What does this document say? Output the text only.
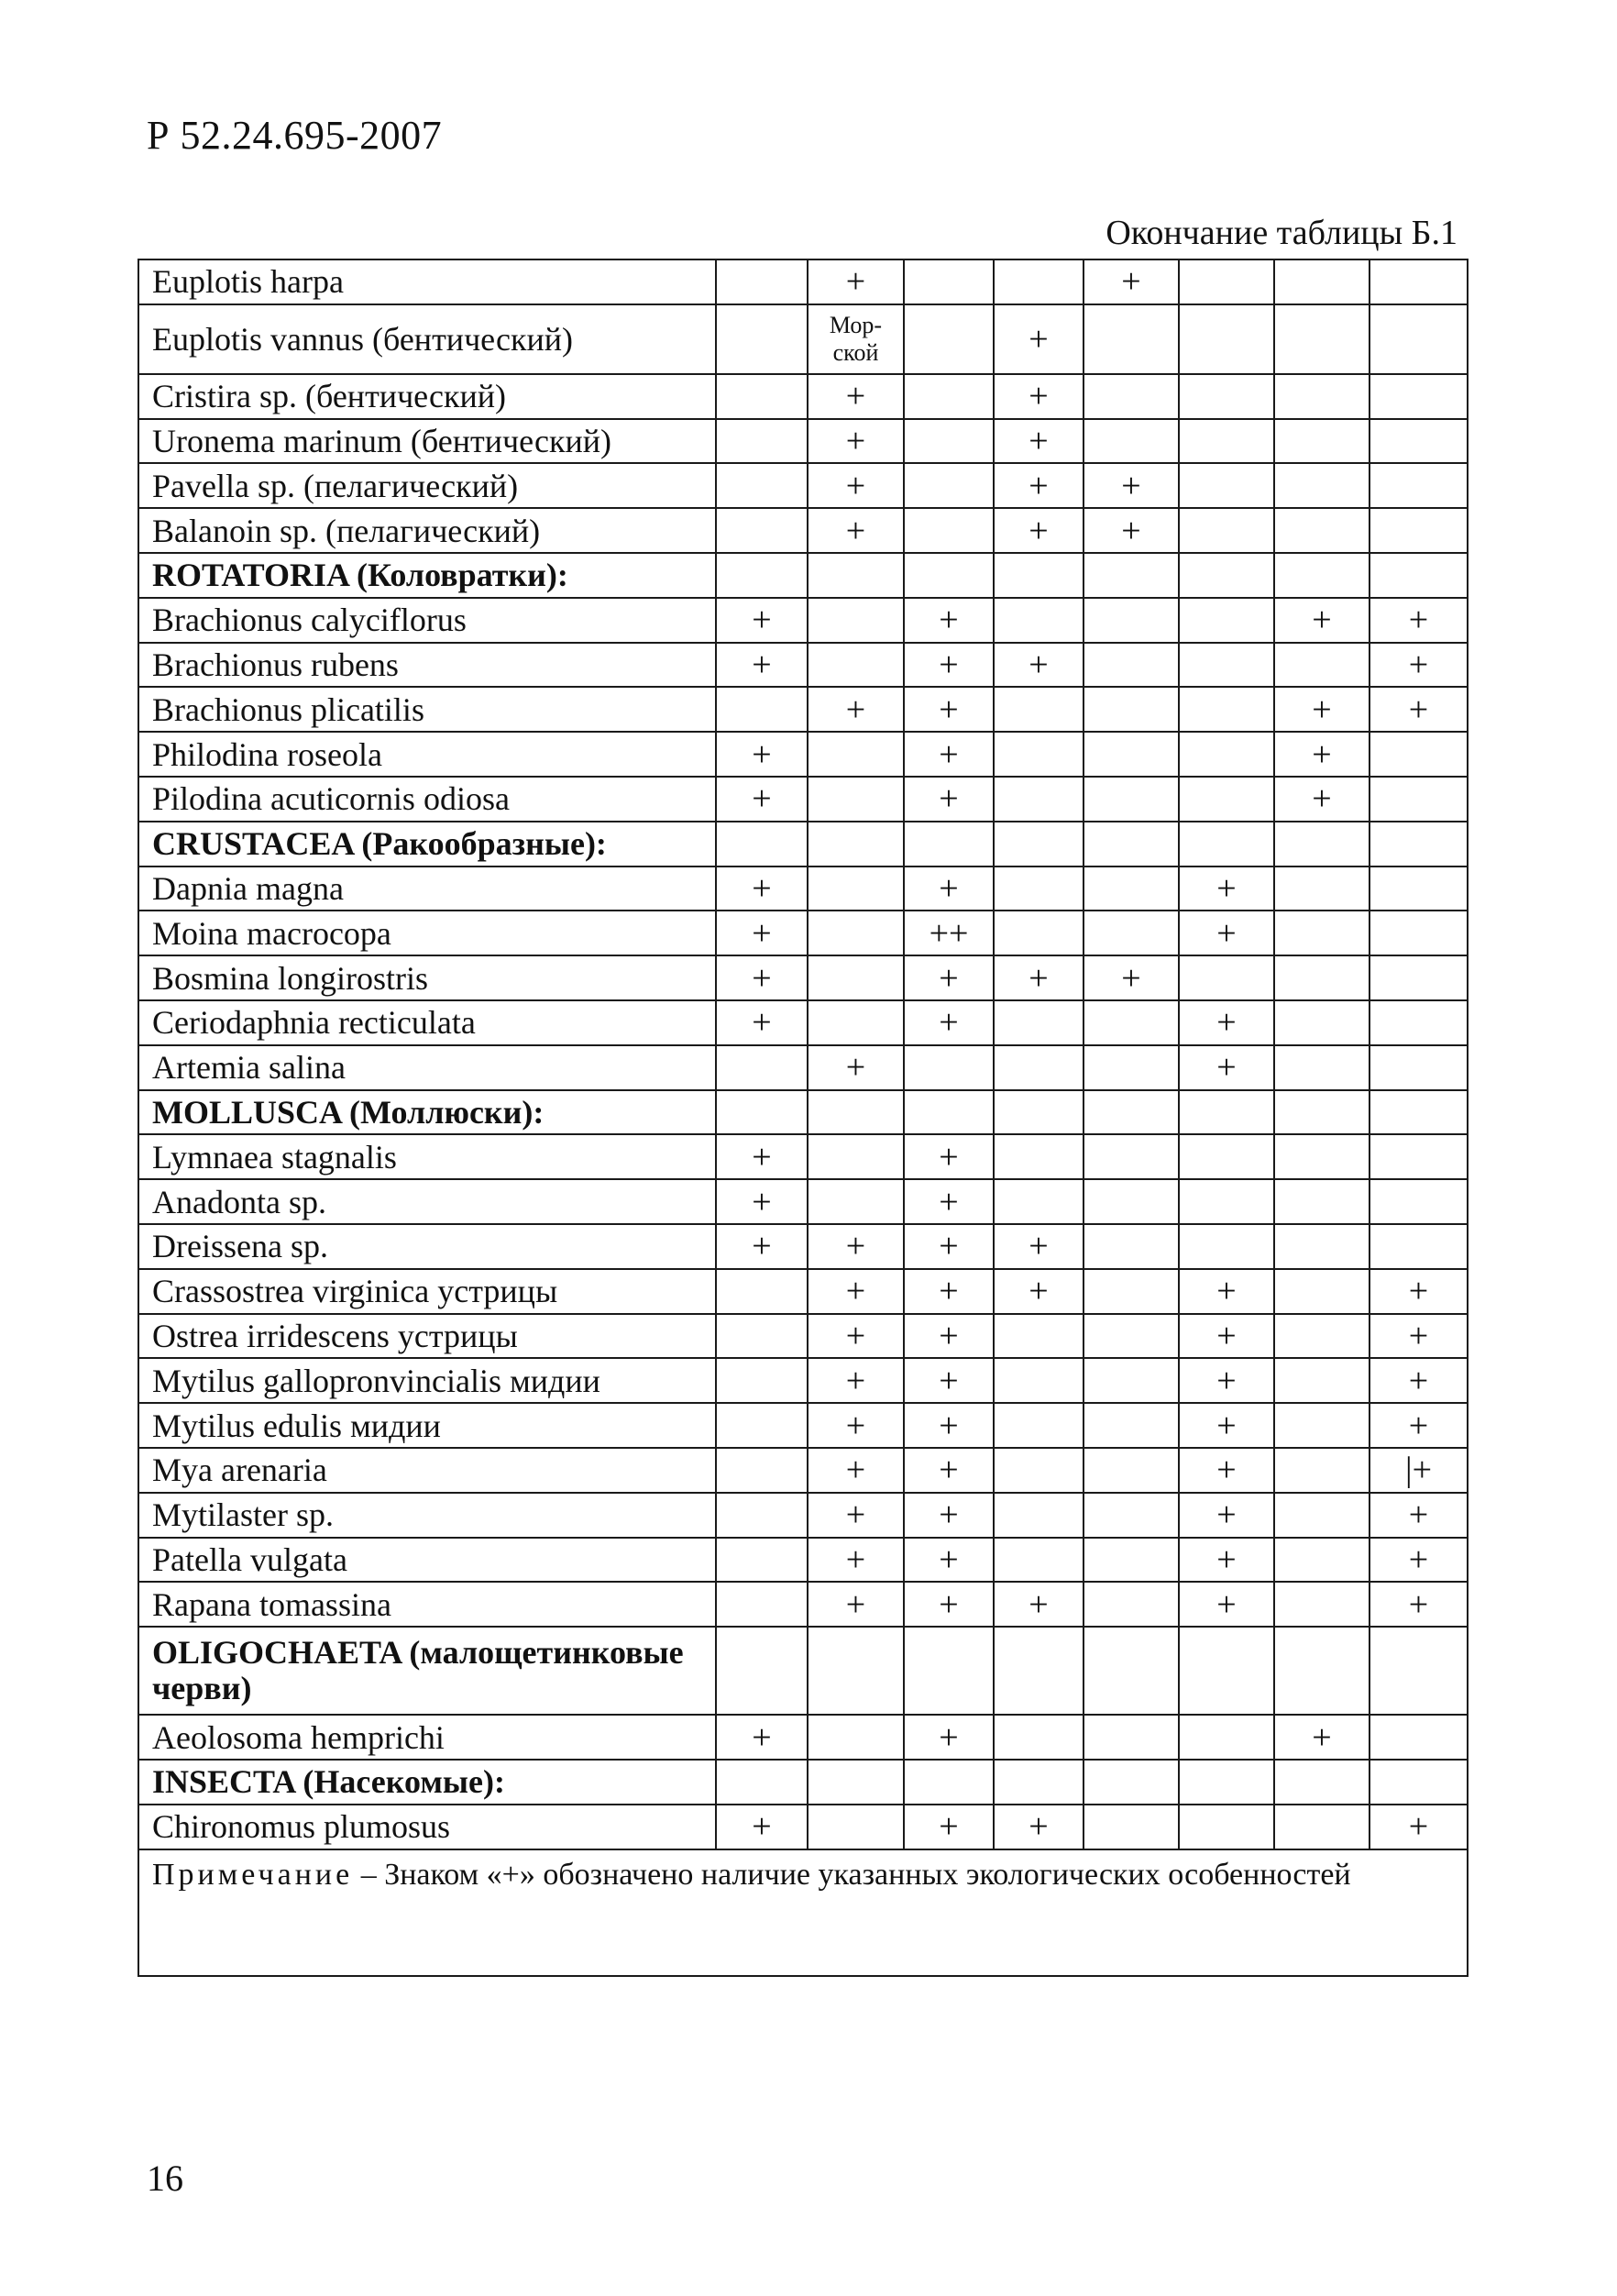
Р 52.24.695-2007
Окончание таблицы Б.1
Euplotis harpa		+			+			
Euplotis vannus (бентический)		Мор-ской		+				
Cristira sp. (бентический)		+		+				
Uronema marinum (бентический)		+		+				
Pavella sp. (пелагический)		+		+	+			
Balanoin sp. (пелагический)		+		+	+			
ROTATORIA (Коловратки):								
Brachionus calyciflorus	+		+				+	+
Brachionus rubens	+		+	+				+
Brachionus plicatilis		+	+				+	+
Philodina roseola	+		+				+	
Pilodina acuticornis odiosa	+		+				+	
CRUSTACEA (Ракообразные):								
Dapnia magna	+		+			+		
Moina macrocopa	+		++			+		
Bosmina longirostris	+		+	+	+			
Ceriodaphnia recticulata	+		+			+		
Artemia salina		+				+		
MOLLUSCA (Моллюски):								
Lymnaea stagnalis	+		+					
Anadonta sp.	+		+					
Dreissena sp.	+	+	+	+				
Crassostrea virginica устрицы		+	+	+		+		+
Ostrea irridescens устрицы		+	+			+		+
Mytilus gallopronvincialis мидии		+	+			+		+
Mytilus edulis мидии		+	+			+		+
Mya arenaria		+	+			+		|+
Mytilaster sp.		+	+			+		+
Patella vulgata		+	+			+		+
Rapana tomassina		+	+	+		+		+
OLIGOCHAETA (малощетинковые черви)								
Aeolosoma hemprichi	+		+				+	
INSECTA (Насекомые):								
Chironomus plumosus	+		+	+				+
Примечание – Знаком «+» обозначено наличие указанных экологических особенностей								
16
